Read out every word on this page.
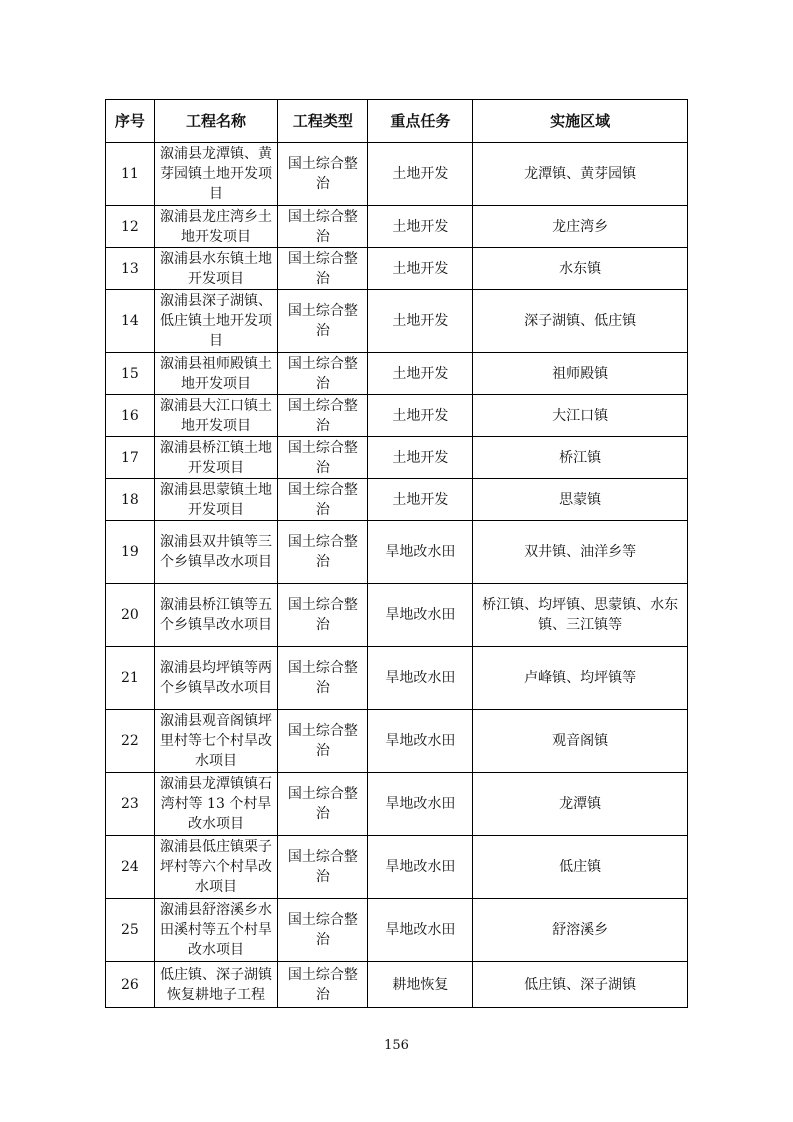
序号	工程名称	工程类型	重点任务	实施区域
11	溆浦县龙潭镇、黄芽园镇土地开发项目	国土综合整治	土地开发	龙潭镇、黄芽园镇
12	溆浦县龙庄湾乡土地开发项目	国土综合整治	土地开发	龙庄湾乡
13	溆浦县水东镇土地开发项目	国土综合整治	土地开发	水东镇
14	溆浦县深子湖镇、低庄镇土地开发项目	国土综合整治	土地开发	深子湖镇、低庄镇
15	溆浦县祖师殿镇土地开发项目	国土综合整治	土地开发	祖师殿镇
16	溆浦县大江口镇土地开发项目	国土综合整治	土地开发	大江口镇
17	溆浦县桥江镇土地开发项目	国土综合整治	土地开发	桥江镇
18	溆浦县思蒙镇土地开发项目	国土综合整治	土地开发	思蒙镇
19	溆浦县双井镇等三个乡镇旱改水项目	国土综合整治	旱地改水田	双井镇、油洋乡等
20	溆浦县桥江镇等五个乡镇旱改水项目	国土综合整治	旱地改水田	桥江镇、均坪镇、思蒙镇、水东镇、三江镇等
21	溆浦县均坪镇等两个乡镇旱改水项目	国土综合整治	旱地改水田	卢峰镇、均坪镇等
22	溆浦县观音阁镇坪里村等七个村旱改水项目	国土综合整治	旱地改水田	观音阁镇
23	溆浦县龙潭镇镇石湾村等 13 个村旱改水项目	国土综合整治	旱地改水田	龙潭镇
24	溆浦县低庄镇栗子坪村等六个村旱改水项目	国土综合整治	旱地改水田	低庄镇
25	溆浦县舒溶溪乡水田溪村等五个村旱改水项目	国土综合整治	旱地改水田	舒溶溪乡
26	低庄镇、深子湖镇恢复耕地子工程	国土综合整治	耕地恢复	低庄镇、深子湖镇
156
